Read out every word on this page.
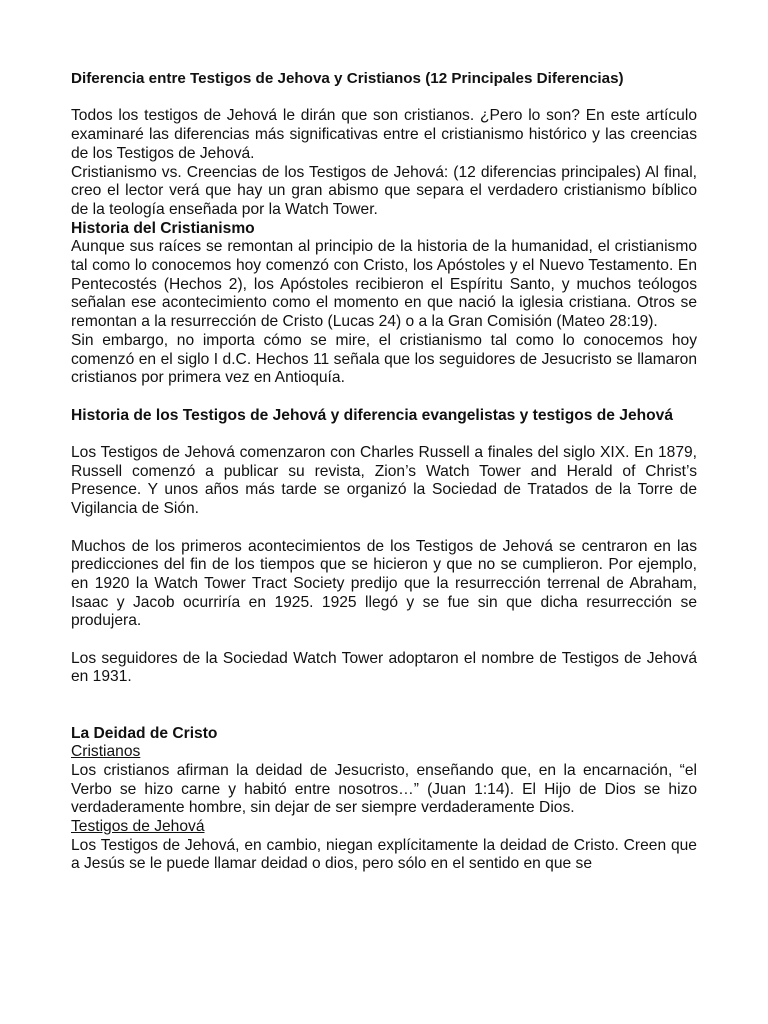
Diferencia entre Testigos de Jehova y Cristianos (12 Principales Diferencias)

Todos los testigos de Jehová le dirán que son cristianos. ¿Pero lo son? En este artículo examinaré las diferencias más significativas entre el cristianismo histórico y las creencias de los Testigos de Jehová.

Cristianismo vs. Creencias de los Testigos de Jehová: (12 diferencias principales) Al final, creo el lector verá que hay un gran abismo que separa el verdadero cristianismo bíblico de la teología enseñada por la Watch Tower.

Historia del Cristianismo

Aunque sus raíces se remontan al principio de la historia de la humanidad, el cristianismo tal como lo conocemos hoy comenzó con Cristo, los Apóstoles y el Nuevo Testamento. En Pentecostés (Hechos 2), los Apóstoles recibieron el Espíritu Santo, y muchos teólogos señalan ese acontecimiento como el momento en que nació la iglesia cristiana. Otros se remontan a la resurrección de Cristo (Lucas 24) o a la Gran Comisión (Mateo 28:19).

Sin embargo, no importa cómo se mire, el cristianismo tal como lo conocemos hoy comenzó en el siglo I d.C. Hechos 11 señala que los seguidores de Jesucristo se llamaron cristianos por primera vez en Antioquía.

Historia de los Testigos de Jehová y diferencia evangelistas y testigos de Jehová

Los Testigos de Jehová comenzaron con Charles Russell a finales del siglo XIX. En 1879, Russell comenzó a publicar su revista, Zion’s Watch Tower and Herald of Christ’s Presence. Y unos años más tarde se organizó la Sociedad de Tratados de la Torre de Vigilancia de Sión.

Muchos de los primeros acontecimientos de los Testigos de Jehová se centraron en las predicciones del fin de los tiempos que se hicieron y que no se cumplieron. Por ejemplo, en 1920 la Watch Tower Tract Society predijo que la resurrección terrenal de Abraham, Isaac y Jacob ocurriría en 1925. 1925 llegó y se fue sin que dicha resurrección se produjera.

Los seguidores de la Sociedad Watch Tower adoptaron el nombre de Testigos de Jehová en 1931.

La Deidad de Cristo

Cristianos

Los cristianos afirman la deidad de Jesucristo, enseñando que, en la encarnación, “el Verbo se hizo carne y habitó entre nosotros…” (Juan 1:14). El Hijo de Dios se hizo verdaderamente hombre, sin dejar de ser siempre verdaderamente Dios.

Testigos de Jehová

Los Testigos de Jehová, en cambio, niegan explícitamente la deidad de Cristo. Creen que a Jesús se le puede llamar deidad o dios, pero sólo en el sentido en que se
